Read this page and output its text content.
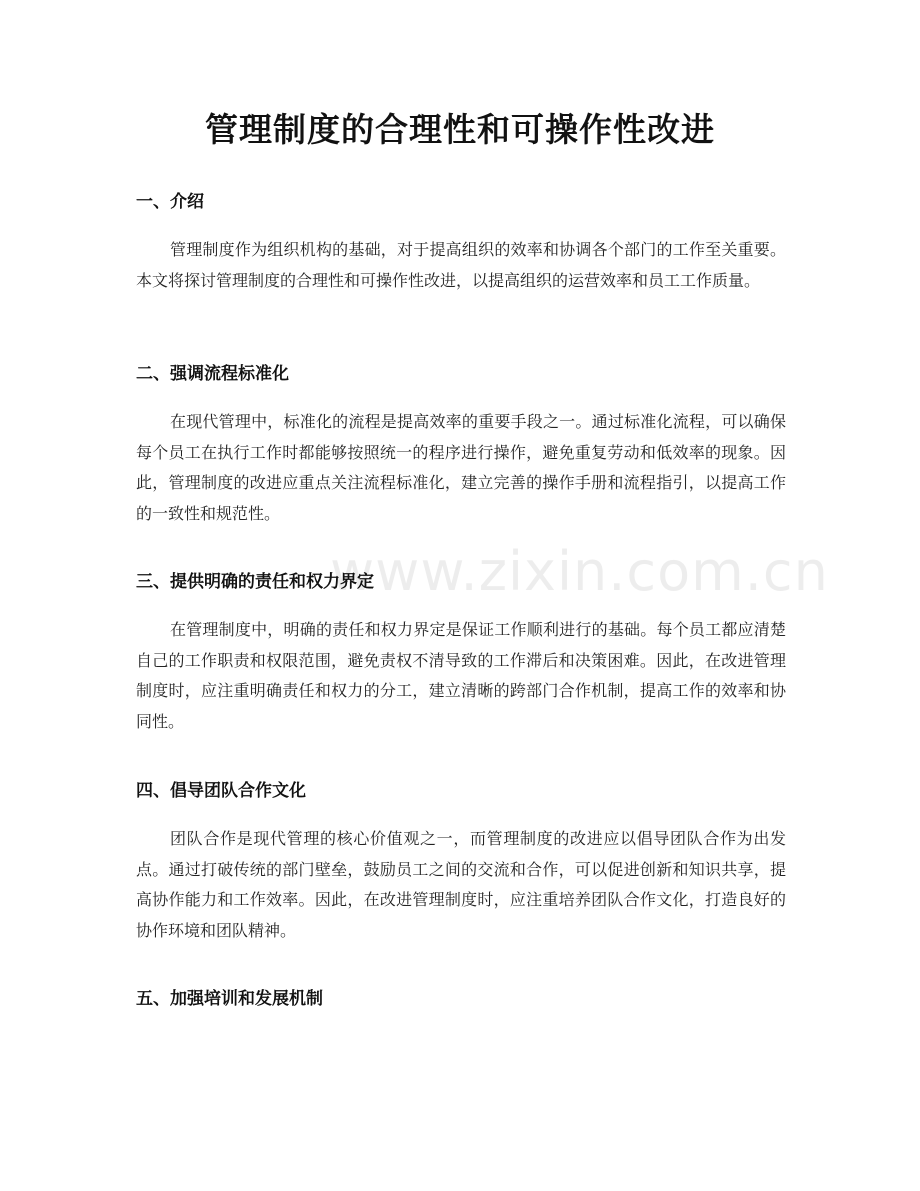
www.zixin.com.cn
管理制度的合理性和可操作性改进
一、介绍

管理制度作为组织机构的基础，对于提高组织的效率和协调各个部门的工作至关重要。本文将探讨管理制度的合理性和可操作性改进，以提高组织的运营效率和员工工作质量。

二、强调流程标准化

在现代管理中，标准化的流程是提高效率的重要手段之一。通过标准化流程，可以确保每个员工在执行工作时都能够按照统一的程序进行操作，避免重复劳动和低效率的现象。因此，管理制度的改进应重点关注流程标准化，建立完善的操作手册和流程指引，以提高工作的一致性和规范性。

三、提供明确的责任和权力界定

在管理制度中，明确的责任和权力界定是保证工作顺利进行的基础。每个员工都应清楚自己的工作职责和权限范围，避免责权不清导致的工作滞后和决策困难。因此，在改进管理制度时，应注重明确责任和权力的分工，建立清晰的跨部门合作机制，提高工作的效率和协同性。

四、倡导团队合作文化

团队合作是现代管理的核心价值观之一，而管理制度的改进应以倡导团队合作为出发点。通过打破传统的部门壁垒，鼓励员工之间的交流和合作，可以促进创新和知识共享，提高协作能力和工作效率。因此，在改进管理制度时，应注重培养团队合作文化，打造良好的协作环境和团队精神。

五、加强培训和发展机制
